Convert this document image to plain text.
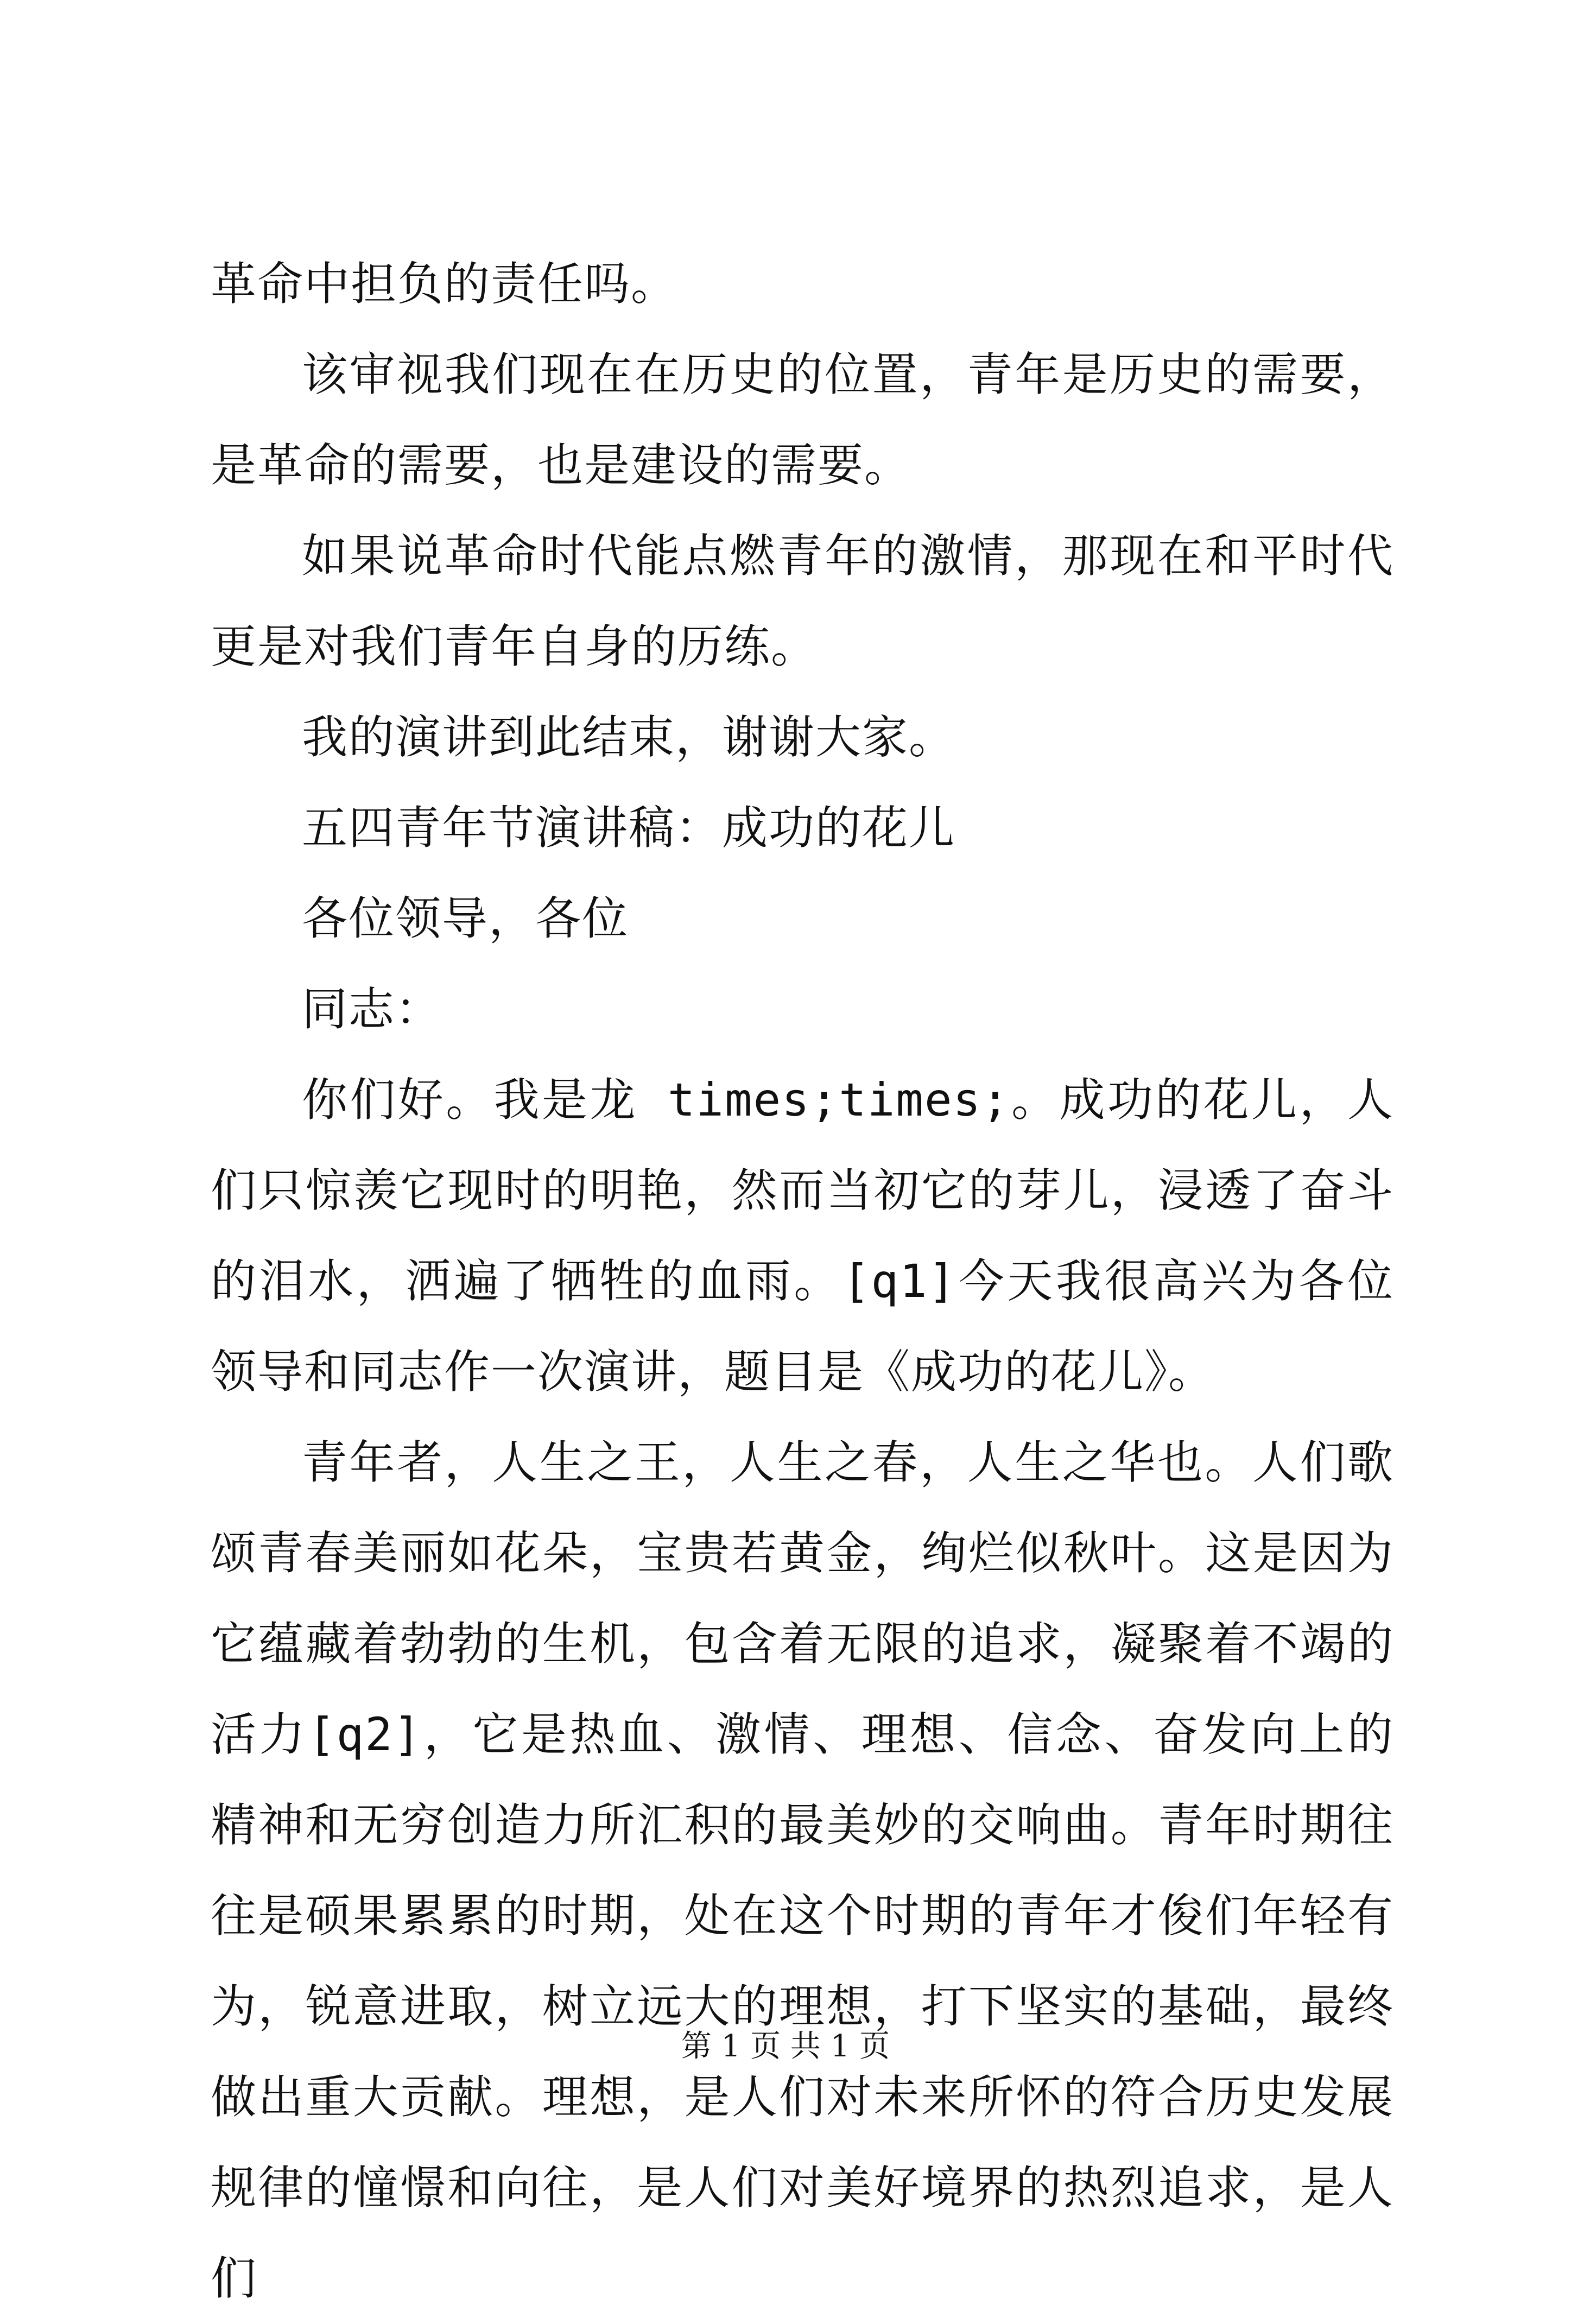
革命中担负的责任吗。

该审视我们现在在历史的位置，青年是历史的需要，是革命的需要，也是建设的需要。

如果说革命时代能点燃青年的激情，那现在和平时代更是对我们青年自身的历练。

我的演讲到此结束，谢谢大家。

五四青年节演讲稿：成功的花儿

各位领导，各位

同志：

你们好。我是龙 times;times;。成功的花儿，人们只惊羡它现时的明艳，然而当初它的芽儿，浸透了奋斗的泪水，洒遍了牺牲的血雨。[q1]今天我很高兴为各位领导和同志作一次演讲，题目是《成功的花儿》。

青年者，人生之王，人生之春，人生之华也。人们歌颂青春美丽如花朵，宝贵若黄金，绚烂似秋叶。这是因为它蕴藏着勃勃的生机，包含着无限的追求，凝聚着不竭的活力[q2]，它是热血、激情、理想、信念、奋发向上的精神和无穷创造力所汇积的最美妙的交响曲。青年时期往往是硕果累累的时期，处在这个时期的青年才俊们年轻有为，锐意进取，树立远大的理想，打下坚实的基础，最终做出重大贡献。理想，是人们对未来所怀的符合历史发展规律的憧憬和向往，是人们对美好境界的热烈追求，是人们

第 1 页 共 1 页
